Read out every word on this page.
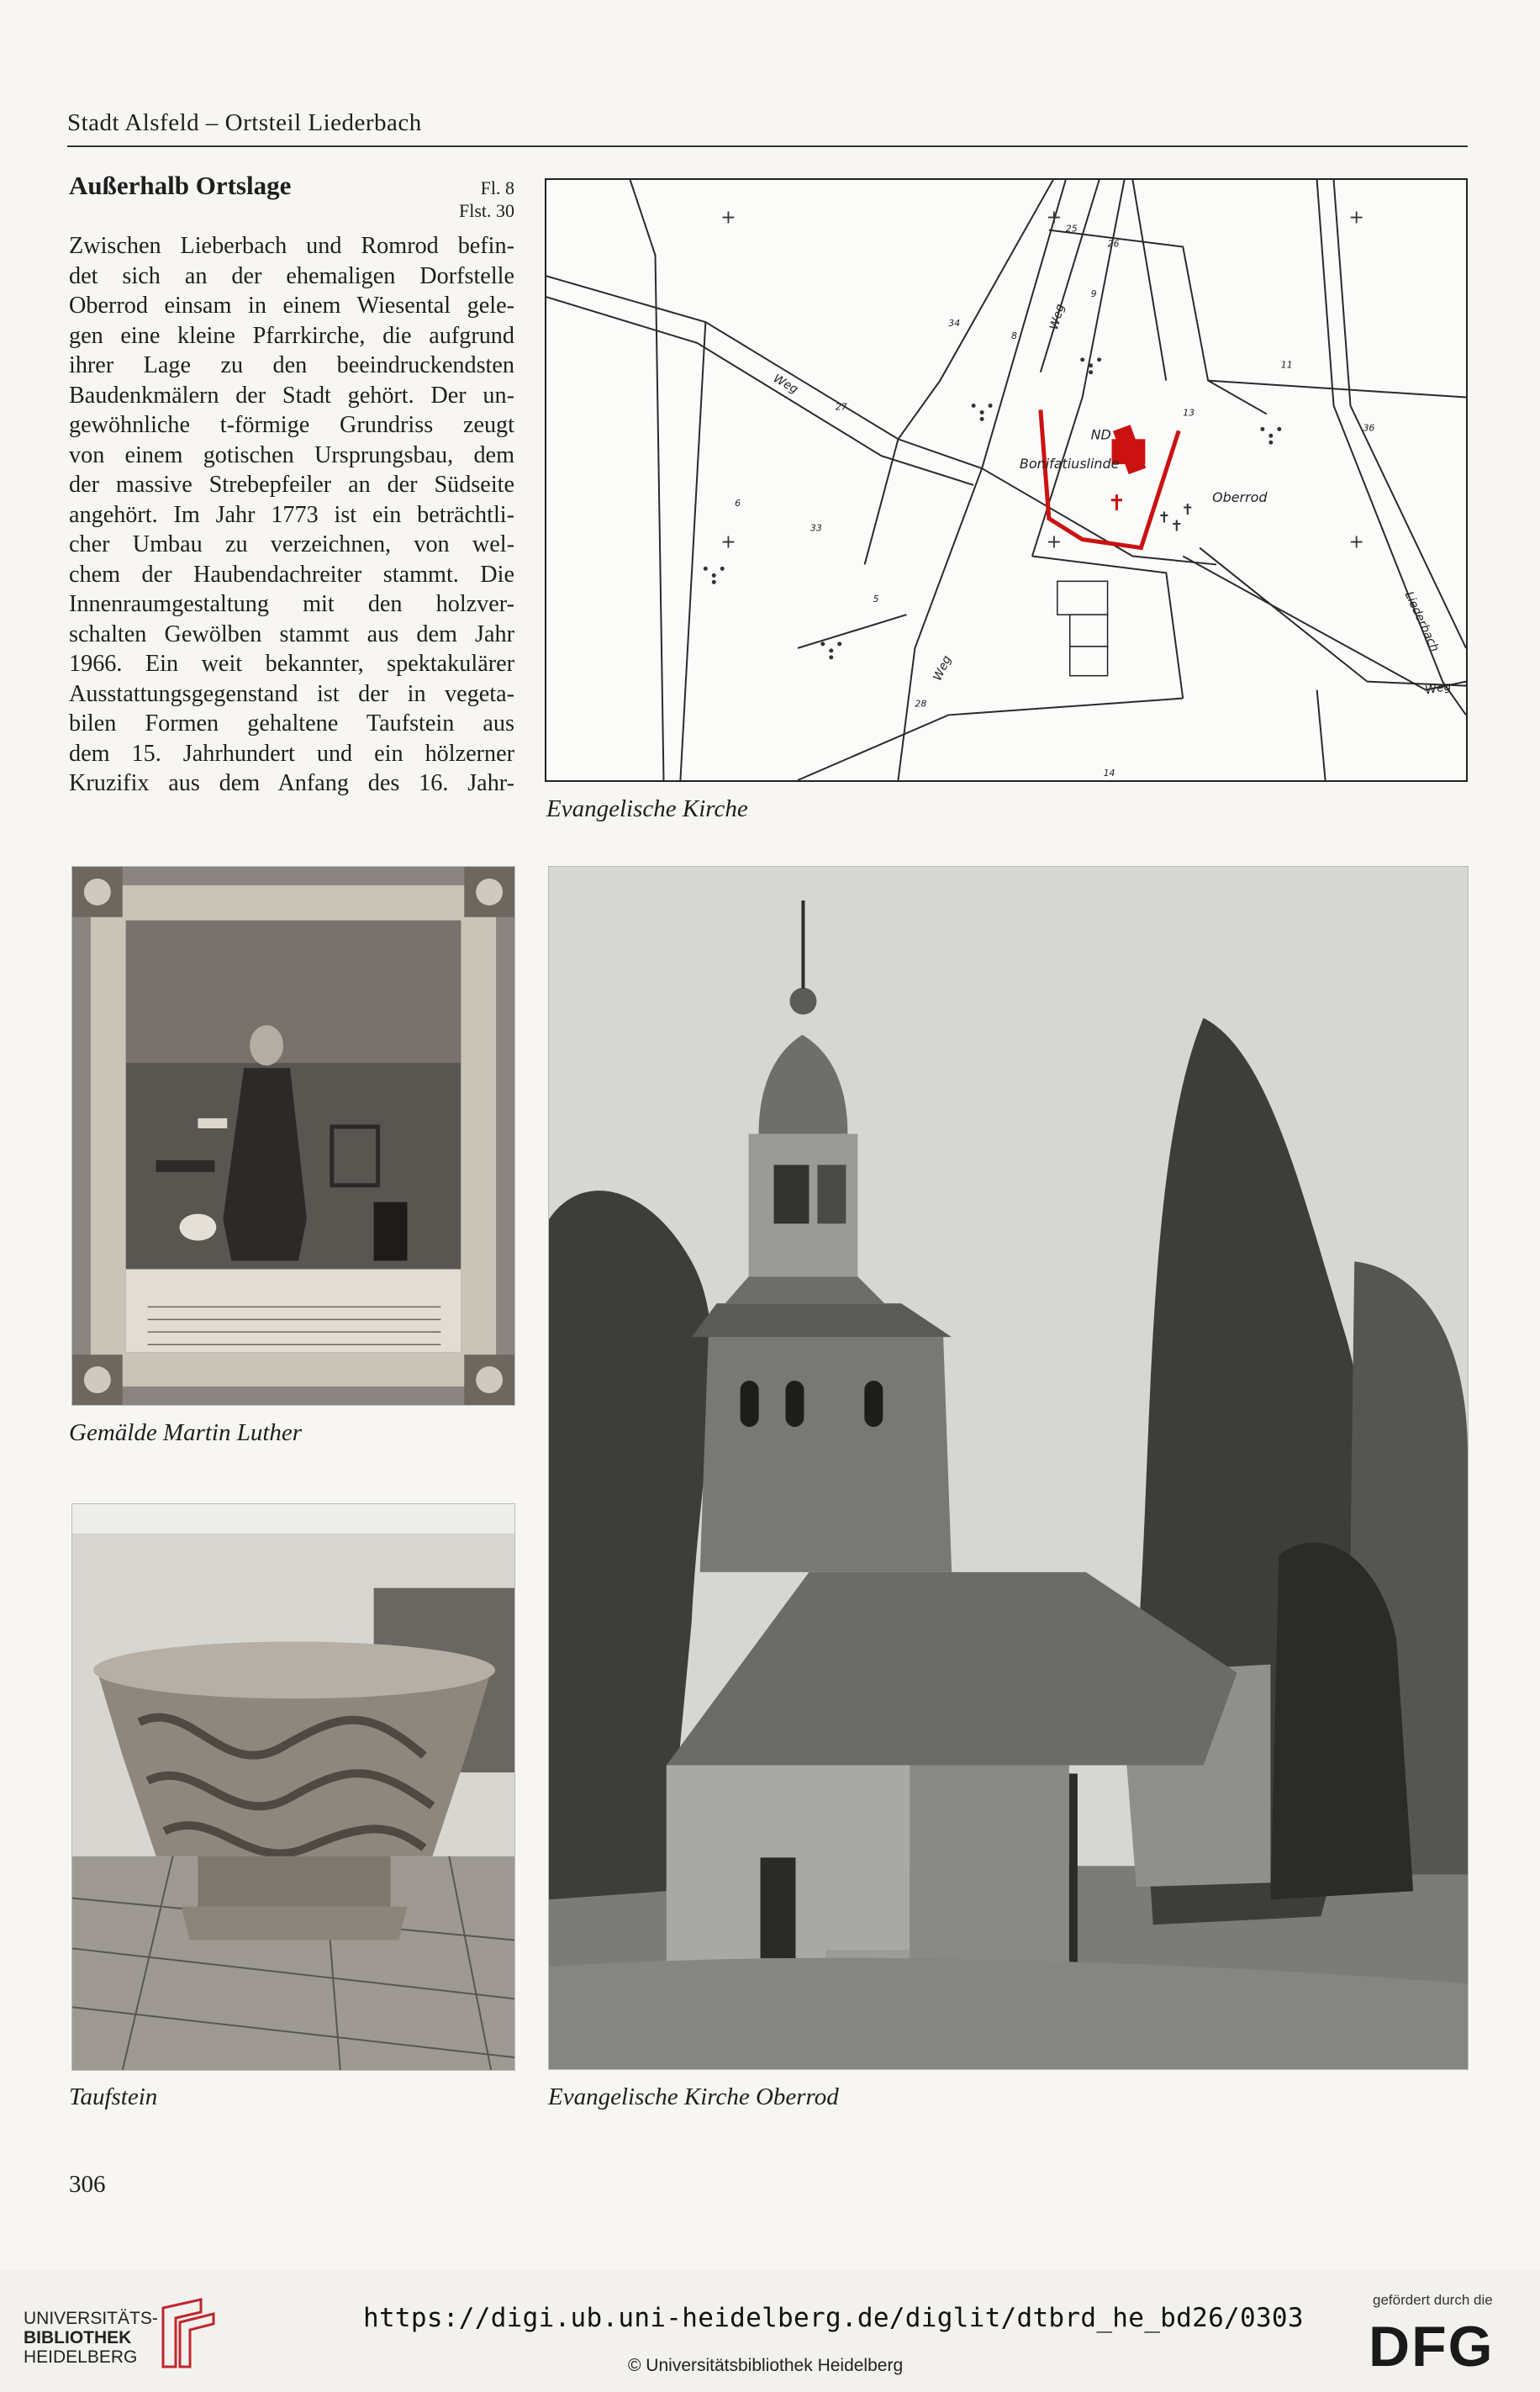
Stadt Alsfeld – Ortsteil Liederbach
Außerhalb Ortslage	Fl. 8
Flst. 30
Zwischen Lieberbach und Romrod befin-
det sich an der ehemaligen Dorfstelle
Oberrod einsam in einem Wiesental gele-
gen eine kleine Pfarrkirche, die aufgrund
ihrer Lage zu den beeindruckendsten
Baudenkmälern der Stadt gehört. Der un-
gewöhnliche t-förmige Grundriss zeugt
von einem gotischen Ursprungsbau, dem
der massive Strebepfeiler an der Südseite
angehört. Im Jahr 1773 ist ein beträchtli-
cher Umbau zu verzeichnen, von wel-
chem der Haubendachreiter stammt. Die
Innenraumgestaltung mit den holzver-
schalten Gewölben stammt aus dem Jahr
1966. Ein weit bekannter, spektakulärer
Ausstattungsgegenstand ist der in vegeta-
bilen Formen gehaltene Taufstein aus
dem 15. Jahrhundert und ein hölzerner
Kruzifix aus dem Anfang des 16. Jahr-
✝
+	+	+
+	+	+
✝ ✝
✝
Bonifatiuslinde
ND
Oberrod
Weg
Weg
Weg
Weg
Liederbach
25
26
9
8
34
27
13
11
36
6
33
5
28
14
Evangelische Kirche
Gemälde Martin Luther
Taufstein	Evangelische Kirche Oberrod
306
UNIVERSITÄTS-
BIBLIOTHEK
HEIDELBERG
https://digi.ub.uni-heidelberg.de/diglit/dtbrd_he_bd26/0303
© Universitätsbibliothek Heidelberg
gefördert durch die
DFG
